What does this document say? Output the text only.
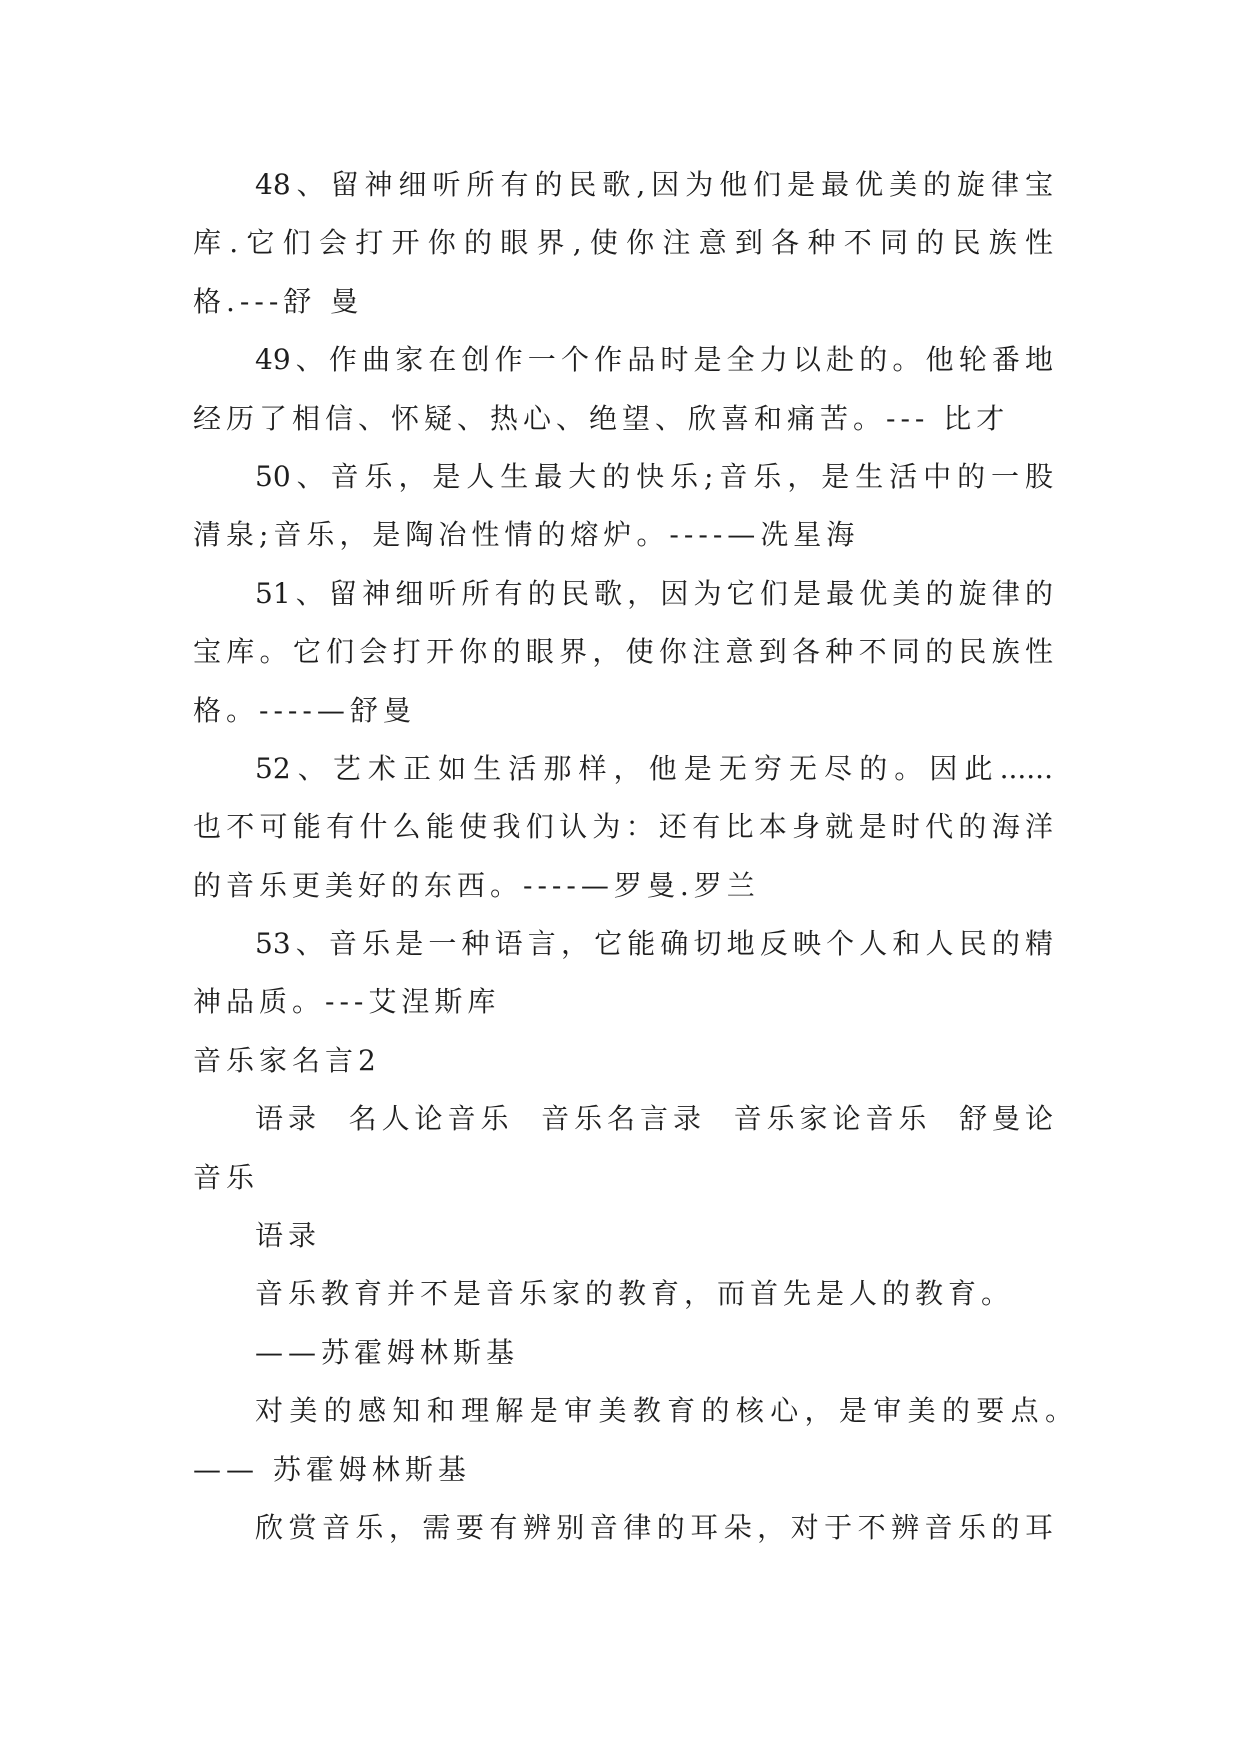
48、留神细听所有的民歌,因为他们是最优美的旋律宝
库.它们会打开你的眼界,使你注意到各种不同的民族性
格.---舒 曼
49、作曲家在创作一个作品时是全力以赴的。他轮番地
经历了相信、怀疑、热心、绝望、欣喜和痛苦。--- 比才
50、音乐，是人生最大的快乐;音乐，是生活中的一股
清泉;音乐，是陶冶性情的熔炉。----—冼星海
51、留神细听所有的民歌，因为它们是最优美的旋律的
宝库。它们会打开你的眼界，使你注意到各种不同的民族性
格。----—舒曼
52、艺术正如生活那样，他是无穷无尽的。因此......
也不可能有什么能使我们认为：还有比本身就是时代的海洋
的音乐更美好的东西。----—罗曼.罗兰
53、音乐是一种语言，它能确切地反映个人和人民的精
神品质。---艾涅斯库
音乐家名言2
语录  名人论音乐  音乐名言录  音乐家论音乐  舒曼论
音乐
语录
音乐教育并不是音乐家的教育，而首先是人的教育。
——苏霍姆林斯基
对美的感知和理解是审美教育的核心，是审美的要点。
—— 苏霍姆林斯基
欣赏音乐，需要有辨别音律的耳朵，对于不辨音乐的耳
